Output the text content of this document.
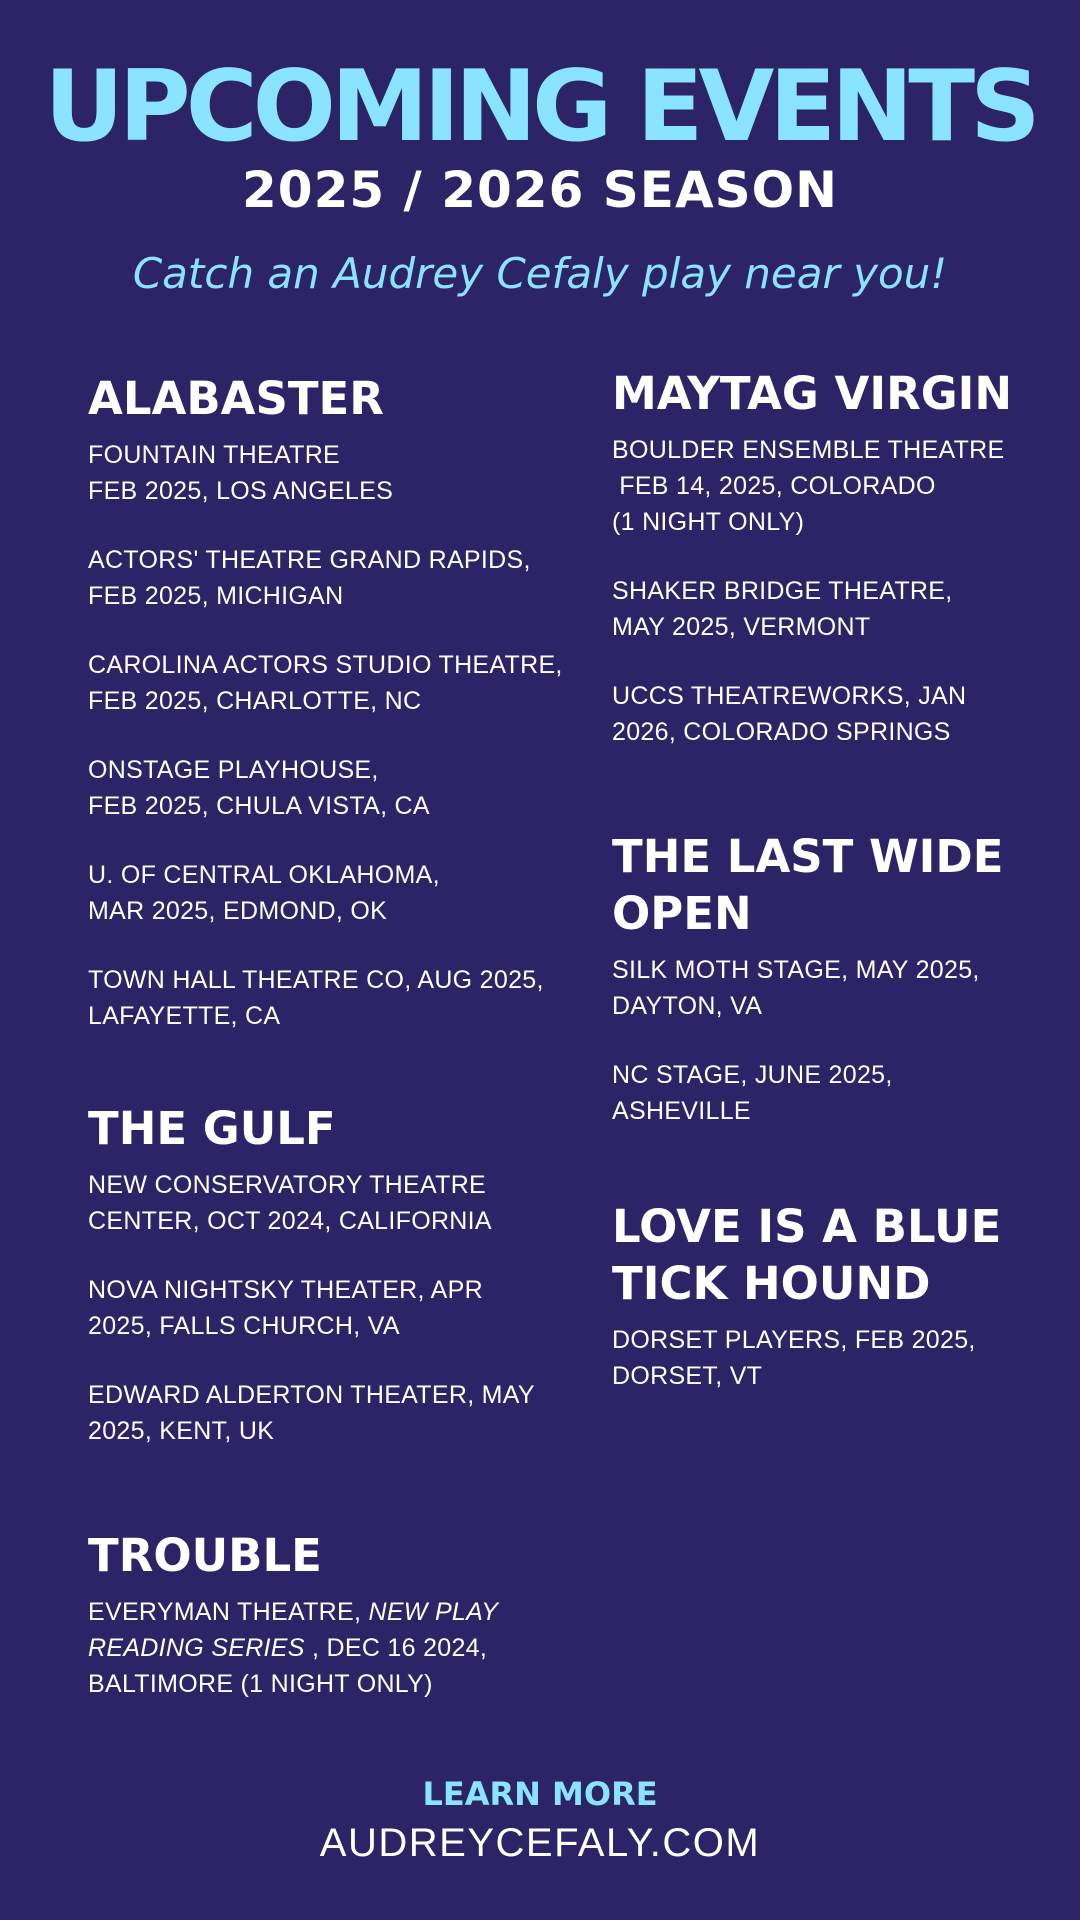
UPCOMING EVENTS
2025 / 2026 SEASON
Catch an Audrey Cefaly play near you!
ALABASTER
FOUNTAIN THEATRE
FEB 2025, LOS ANGELES
ACTORS' THEATRE GRAND RAPIDS,
FEB 2025, MICHIGAN
CAROLINA ACTORS STUDIO THEATRE,
FEB 2025, CHARLOTTE, NC
ONSTAGE PLAYHOUSE,
FEB 2025, CHULA VISTA, CA
U. OF CENTRAL OKLAHOMA,
MAR 2025, EDMOND, OK
TOWN HALL THEATRE CO, AUG 2025,
LAFAYETTE, CA
THE GULF
NEW CONSERVATORY THEATRE
CENTER, OCT 2024, CALIFORNIA
NOVA NIGHTSKY THEATER, APR
2025, FALLS CHURCH, VA
EDWARD ALDERTON THEATER, MAY
2025, KENT, UK
TROUBLE
EVERYMAN THEATRE, NEW PLAY
READING SERIES , DEC 16 2024,
BALTIMORE (1 NIGHT ONLY)
MAYTAG VIRGIN
BOULDER ENSEMBLE THEATRE
FEB 14, 2025, COLORADO
(1 NIGHT ONLY)
SHAKER BRIDGE THEATRE,
MAY 2025, VERMONT
UCCS THEATREWORKS, JAN
2026, COLORADO SPRINGS
THE LAST WIDE
OPEN
SILK MOTH STAGE, MAY 2025,
DAYTON, VA
NC STAGE, JUNE 2025,
ASHEVILLE
LOVE IS A BLUE
TICK HOUND
DORSET PLAYERS, FEB 2025,
DORSET, VT
LEARN MORE
AUDREYCEFALY.COM
